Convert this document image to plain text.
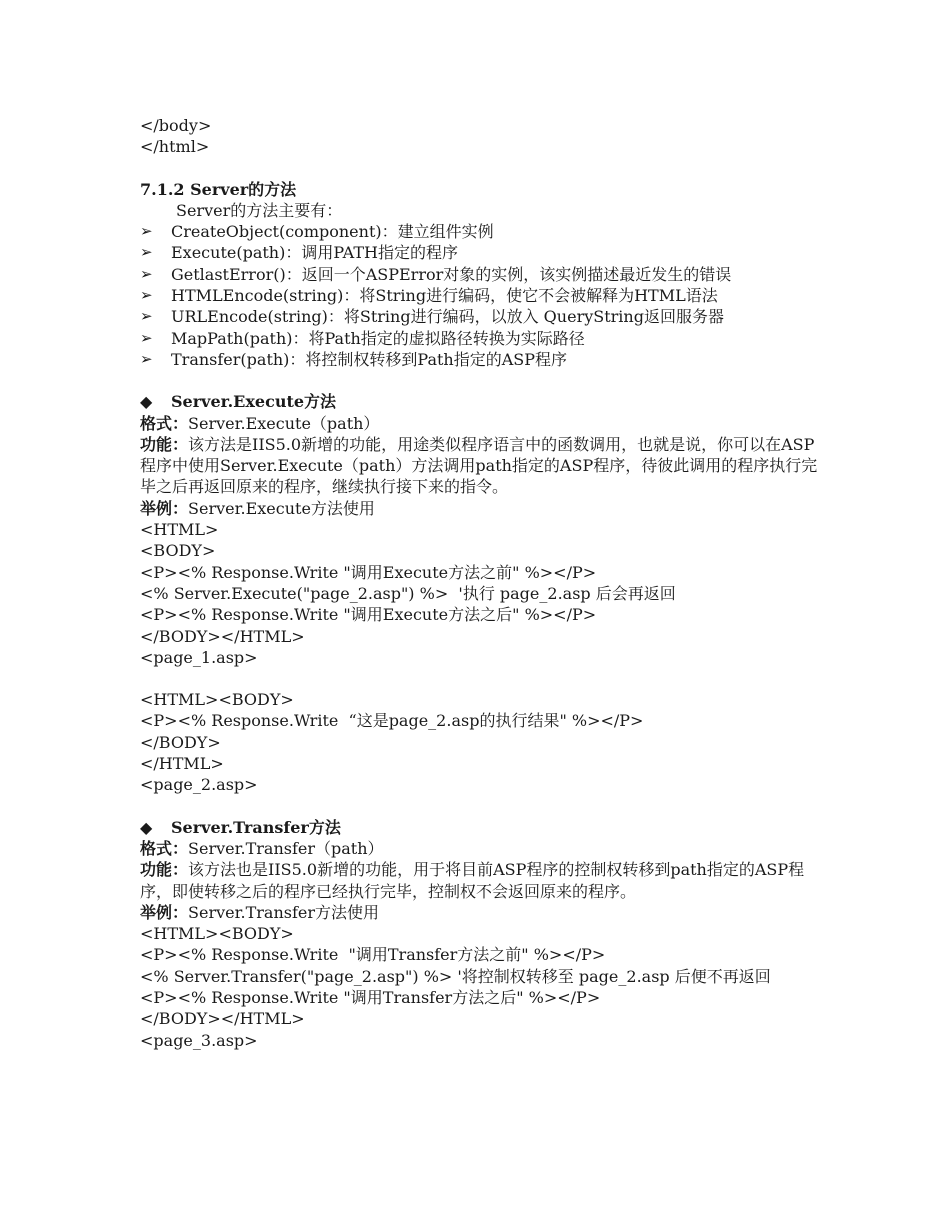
</body>
</html>
7.1.2 Server的方法
Server的方法主要有：
➢	CreateObject(component)：建立组件实例
➢	Execute(path)：调用PATH指定的程序
➢	GetlastError()：返回一个ASPError对象的实例，该实例描述最近发生的错误
➢	HTMLEncode(string)：将String进行编码，使它不会被解释为HTML语法
➢	URLEncode(string)：将String进行编码，以放入 QueryString返回服务器
➢	MapPath(path)：将Path指定的虚拟路径转换为实际路径
➢	Transfer(path)：将控制权转移到Path指定的ASP程序
◆	Server.Execute方法
格式：Server.Execute（path）
功能：该方法是IIS5.0新增的功能，用途类似程序语言中的函数调用，也就是说，你可以在ASP程序中使用Server.Execute（path）方法调用path指定的ASP程序，待彼此调用的程序执行完毕之后再返回原来的程序，继续执行接下来的指令。
举例：Server.Execute方法使用
<HTML>
<BODY>
<P><% Response.Write "调用Execute方法之前" %></P>
<% Server.Execute("page_2.asp") %>  '执行 page_2.asp 后会再返回
<P><% Response.Write "调用Execute方法之后" %></P>
</BODY></HTML>
<page_1.asp>
<HTML><BODY>
<P><% Response.Write  “这是page_2.asp的执行结果" %></P>
</BODY>
</HTML>
<page_2.asp>
◆	Server.Transfer方法
格式：Server.Transfer（path）
功能：该方法也是IIS5.0新增的功能，用于将目前ASP程序的控制权转移到path指定的ASP程序，即使转移之后的程序已经执行完毕，控制权不会返回原来的程序。
举例：Server.Transfer方法使用
<HTML><BODY>
<P><% Response.Write  "调用Transfer方法之前" %></P>
<% Server.Transfer("page_2.asp") %> '将控制权转移至 page_2.asp 后便不再返回
<P><% Response.Write "调用Transfer方法之后" %></P>
</BODY></HTML>
<page_3.asp>
